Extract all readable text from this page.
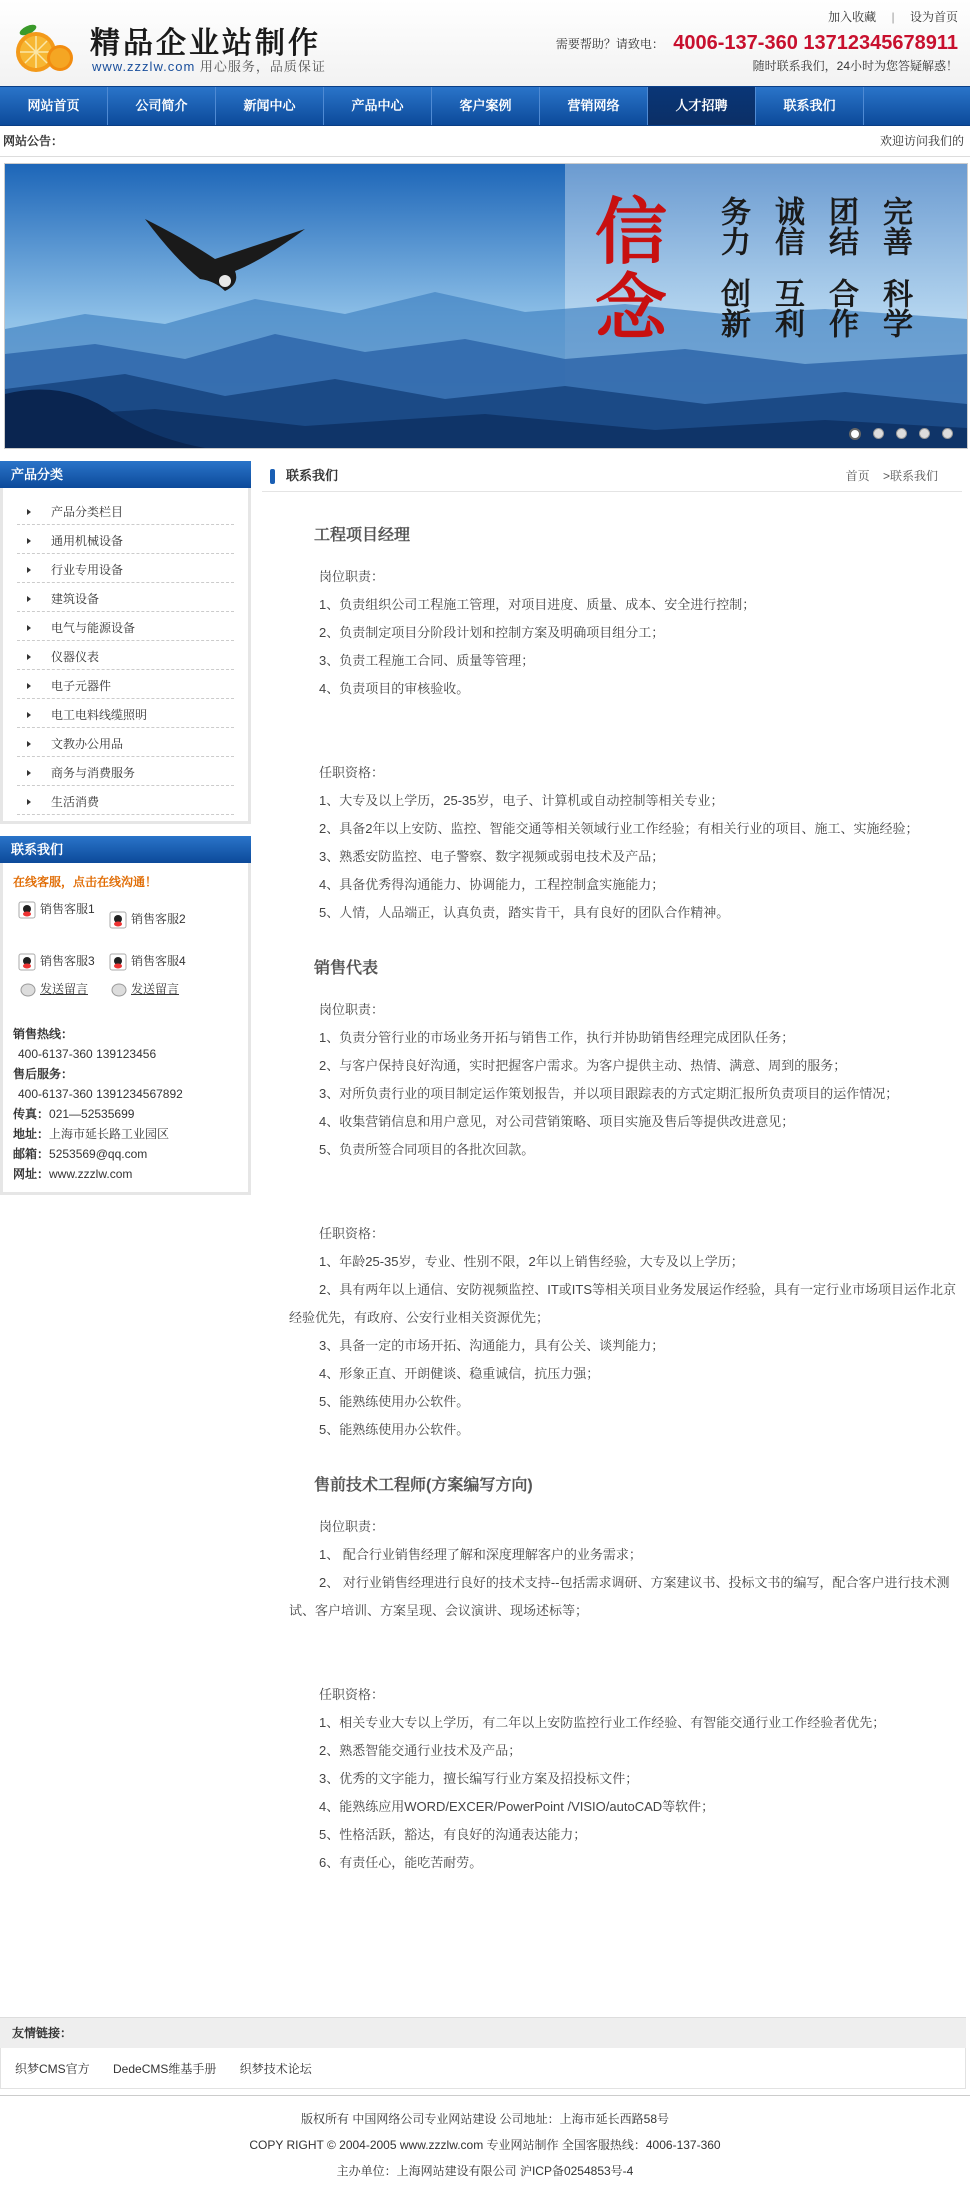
精品企业站制作
www.zzzlw.com 用心服务，品质保证
加入收藏 | 设为首页
需要帮助？请致电： 4006-137-360 13712345678911
随时联系我们，24小时为您答疑解惑！
网站首页	公司简介	新闻中心	产品中心	客户案例	营销网络	人才招聘	联系我们
网站公告：	欢迎访问我们的
信
念
务力 诚信 团结 完善
创新 互利 合作 科学
产品分类
产品分类栏目
通用机械设备
行业专用设备
建筑设备
电气与能源设备
仪器仪表
电子元器件
电工电料线缆照明
文教办公用品
商务与消费服务
生活消费
联系我们
在线客服，点击在线沟通！
销售客服1
销售客服2
销售客服3	销售客服4
发送留言	发送留言
销售热线：
400-6137-360 139123456
售后服务：
400-6137-360 1391234567892
传真：021—52535699
地址：上海市延长路工业园区
邮箱：5253569@qq.com
网址：www.zzzlw.com
联系我们	首页 >联系我们
工程项目经理

岗位职责：

1、负责组织公司工程施工管理，对项目进度、质量、成本、安全进行控制；

2、负责制定项目分阶段计划和控制方案及明确项目组分工；

3、负责工程施工合同、质量等管理；

4、负责项目的审核验收。

任职资格：

1、大专及以上学历，25-35岁，电子、计算机或自动控制等相关专业；

2、具备2年以上安防、监控、智能交通等相关领域行业工作经验；有相关行业的项目、施工、实施经验；

3、熟悉安防监控、电子警察、数字视频或弱电技术及产品；

4、具备优秀得沟通能力、协调能力，工程控制盒实施能力；

5、人情，人品端正，认真负责，踏实肯干，具有良好的团队合作精神。

销售代表

岗位职责：

1、负责分管行业的市场业务开拓与销售工作，执行并协助销售经理完成团队任务；

2、与客户保持良好沟通，实时把握客户需求。为客户提供主动、热情、满意、周到的服务；

3、对所负责行业的项目制定运作策划报告，并以项目跟踪表的方式定期汇报所负责项目的运作情况；

4、收集营销信息和用户意见，对公司营销策略、项目实施及售后等提供改进意见；

5、负责所签合同项目的各批次回款。

任职资格：

1、年龄25-35岁，专业、性别不限，2年以上销售经验，大专及以上学历；

2、具有两年以上通信、安防视频监控、IT或ITS等相关项目业务发展运作经验，具有一定行业市场项目运作北京经验优先，有政府、公安行业相关资源优先；

3、具备一定的市场开拓、沟通能力，具有公关、谈判能力；

4、形象正直、开朗健谈、稳重诚信，抗压力强；

5、能熟练使用办公软件。

5、能熟练使用办公软件。

售前技术工程师(方案编写方向)

岗位职责：

1、 配合行业销售经理了解和深度理解客户的业务需求；

2、 对行业销售经理进行良好的技术支持--包括需求调研、方案建议书、投标文书的编写，配合客户进行技术测试、客户培训、方案呈现、会议演讲、现场述标等；

任职资格：

1、相关专业大专以上学历，有二年以上安防监控行业工作经验、有智能交通行业工作经验者优先；

2、熟悉智能交通行业技术及产品；

3、优秀的文字能力，擅长编写行业方案及招投标文件；

4、能熟练应用WORD/EXCER/PowerPoint /VISIO/autoCAD等软件；

5、性格活跃，豁达，有良好的沟通表达能力；

6、有责任心，能吃苦耐劳。

友情链接：
织梦CMS官方 DedeCMS维基手册 织梦技术论坛

版权所有 中国网络公司专业网站建设 公司地址：上海市延长西路58号

COPY RIGHT © 2004-2005 www.zzzlw.com 专业网站制作 全国客服热线：4006-137-360

主办单位：上海网站建设有限公司 沪ICP备0254853号-4
